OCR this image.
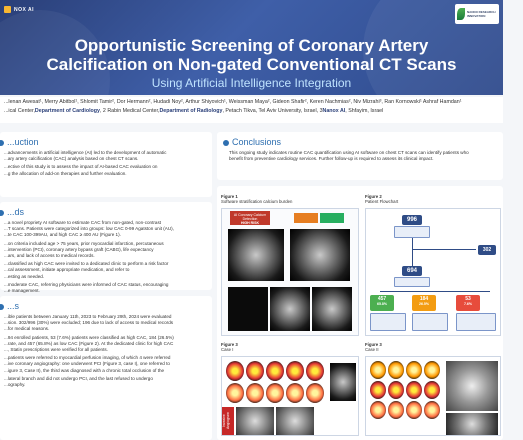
NOX AI	NANOX RESEARCH
INNOVATION
Opportunistic Screening of Coronary Artery
Calcification on Non-gated Conventional CT Scans
Using Artificial Intelligence Integration
...lenan Awesat¹, Merry Abitbol¹, Shlomit Tamir², Dor Hermann², Hudadi Noy², Arthur Shiyovich¹, Weissman Maya², Gideon Shafir², Keren Nachmias², Niv Mizrahi³, Ran Kornowski¹ Ashraf Hamdan¹
...ical Center,Department of Cardiology, 2 Rabin Medical Center,Department of Radiology, Petach Tikva, Tel Aviv University, Israel, 3Nanox AI, Shfayim, Israel
...uction
...advancements in artificial intelligence (AI) led to the development of automatic
...ary artery calcification (CAC) analysis based on chest CT scans.
...ective of this study is to assess the impact of AI-based CAC evaluation on
...g the allocation of add-on therapies and further evaluation.
...ds
...a novel propriety AI software to estimate CAC from non-gated, non-contrast
...T scans. Patients were categorized into groups: low CAC 0-99 Agatston unit (AU),
...te CAC 100-399AU, and high CAC ≥ 400 AU (Figure 1).
...on criteria included age > 75 years, prior myocardial infarction, percutaneous
...intervention (PCI), coronary artery bypass graft (CABG), life expectancy
...ars, and lack of access to medical records.
...classified as high CAC were invited to a dedicated clinic to perform a risk factor
...cal assessment, initiate appropriate medication, and refer to
...esting as needed.
...moderate CAC, referring physicians were informed of CAC status, encouraging
...e management.
...s
...ible patients between January 11th, 2023 to February 29th, 2024 were evaluated
...sion. 302/996 (30%) were excluded; 196 due to lack of access to medical records
...for medical reasons.
...94 enrolled patients, 53 (7.6%) patients were classified as high CAC, 184 (26.5%)
...rate, and 457 (65.8%) as low CAC (Figure 2). At the dedicated clinic for high CAC
..., Statin prescriptions were verified for all patients.
...patients were referred to myocardial perfusion imaging, of which 4 were referred
...ive coronary angiography: one underwent PCI (Figure 3, case I), one referred to
...igure 3, Case II), the third was diagnosed with a chronic total occlusion of the
...lateral branch and did not undergo PCI, and the last refused to undergo
...ography.
Conclusions
This ongoing study indicates routine CAC quantification using AI software on chest CT scans can identify patients who
benefit from preventive cardiology services. Further follow-up is required to assess its clinical impact.
Figure 1
Software stratification calcium burden
AI Coronary Calcium Detection
HIGH RISK
Figure 2
Patient Flowchart
996
302
694
457
65.8%
184
26.5%
53
7.6%
Figure 3
Case I
Invasive Angiogram
Figure 3
Case II
